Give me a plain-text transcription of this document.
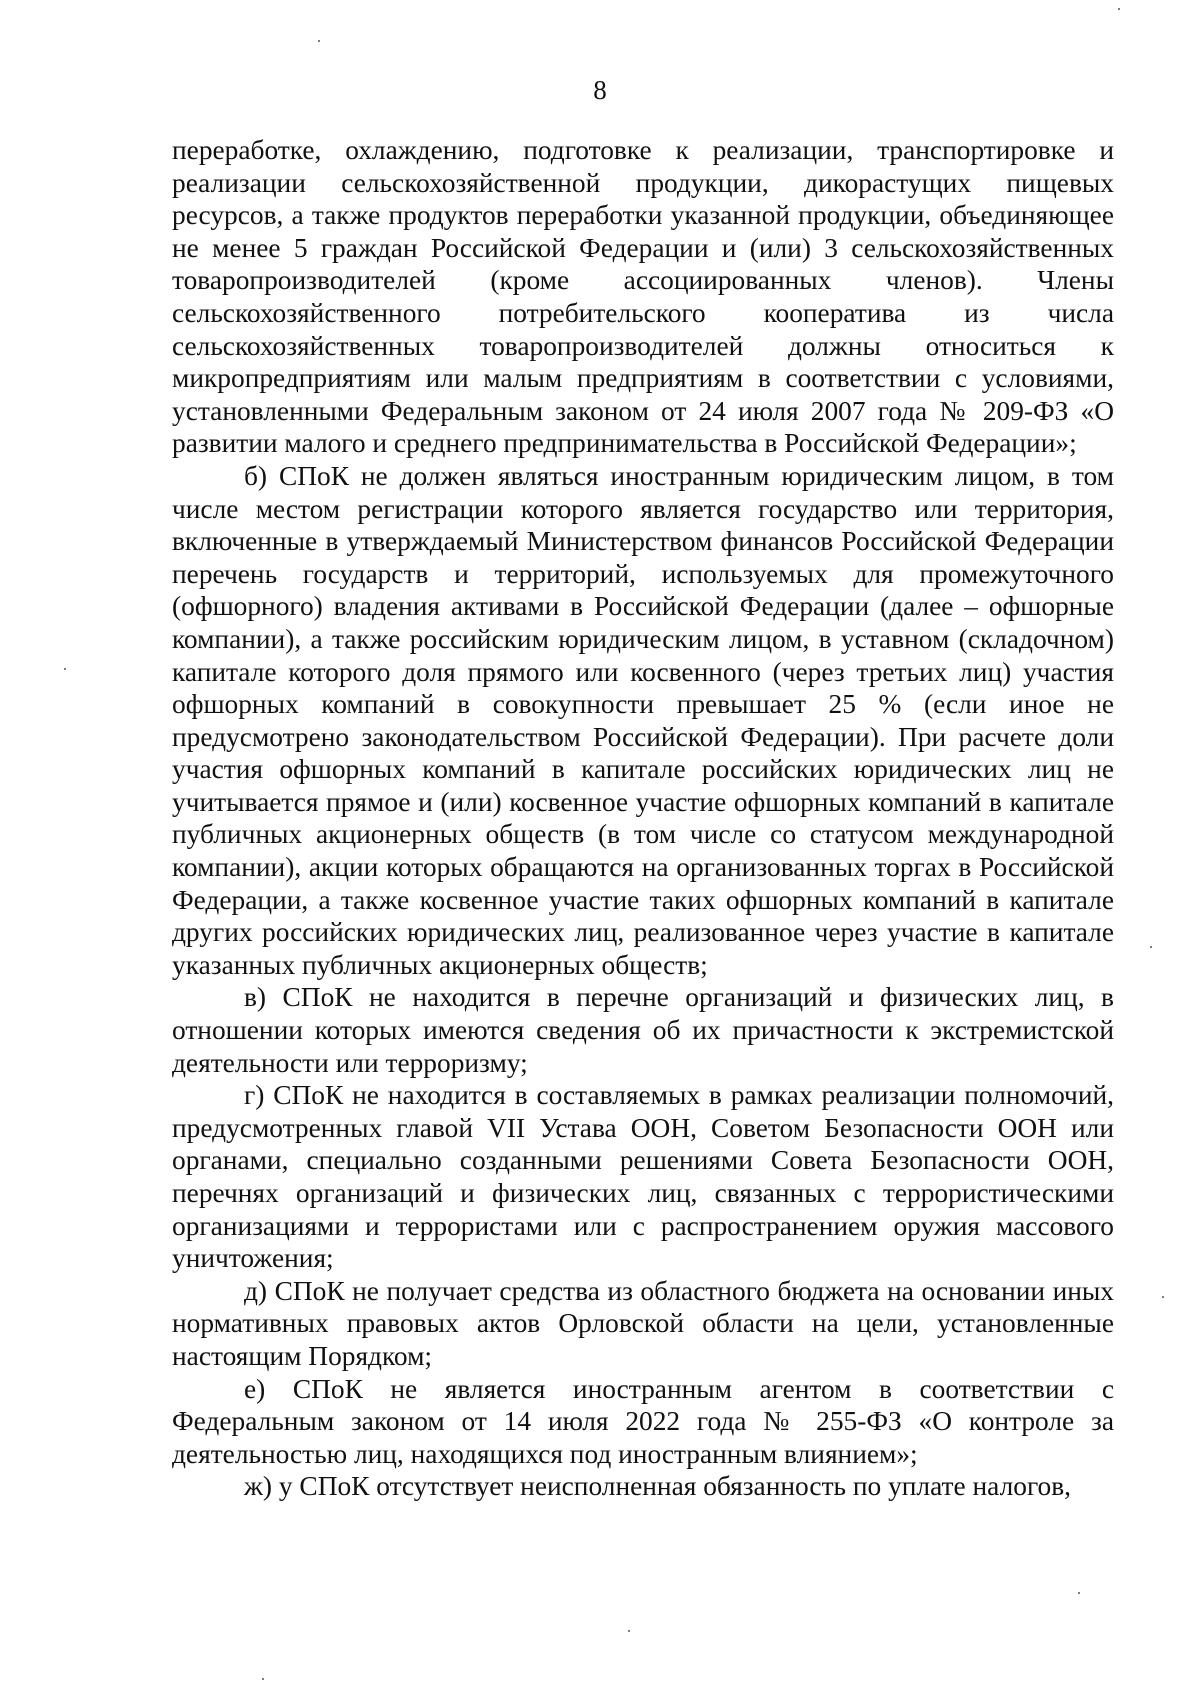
8

переработке, охлаждению, подготовке к реализации, транспортировке и реализации сельскохозяйственной продукции, дикорастущих пищевых ресурсов, а также продуктов переработки указанной продукции, объединяющее не менее 5 граждан Российской Федерации и (или) 3 сельскохозяйственных товаропроизводителей (кроме ассоциированных членов). Члены сельскохозяйственного потребительского кооператива из числа сельскохозяйственных товаропроизводителей должны относиться к микропредприятиям или малым предприятиям в соответствии с условиями, установленными Федеральным законом от 24 июля 2007 года № 209-ФЗ «О развитии малого и среднего предпринимательства в Российской Федерации»;

б) СПоК не должен являться иностранным юридическим лицом, в том числе местом регистрации которого является государство или территория, включенные в утверждаемый Министерством финансов Российской Федерации перечень государств и территорий, используемых для промежуточного (офшорного) владения активами в Российской Федерации (далее – офшорные компании), а также российским юридическим лицом, в уставном (складочном) капитале которого доля прямого или косвенного (через третьих лиц) участия офшорных компаний в совокупности превышает 25 % (если иное не предусмотрено законодательством Российской Федерации). При расчете доли участия офшорных компаний в капитале российских юридических лиц не учитывается прямое и (или) косвенное участие офшорных компаний в капитале публичных акционерных обществ (в том числе со статусом международной компании), акции которых обращаются на организованных торгах в Российской Федерации, а также косвенное участие таких офшорных компаний в капитале других российских юридических лиц, реализованное через участие в капитале указанных публичных акционерных обществ;

в) СПоК не находится в перечне организаций и физических лиц, в отношении которых имеются сведения об их причастности к экстремистской деятельности или терроризму;

г) СПоК не находится в составляемых в рамках реализации полномочий, предусмотренных главой VII Устава ООН, Советом Безопасности ООН или органами, специально созданными решениями Совета Безопасности ООН, перечнях организаций и физических лиц, связанных с террористическими организациями и террористами или с распространением оружия массового уничтожения;

д) СПоК не получает средства из областного бюджета на основании иных нормативных правовых актов Орловской области на цели, установленные настоящим Порядком;

е) СПоК не является иностранным агентом в соответствии с Федеральным законом от 14 июля 2022 года № 255-ФЗ «О контроле за деятельностью лиц, находящихся под иностранным влиянием»;

ж) у СПоК отсутствует неисполненная обязанность по уплате налогов,
